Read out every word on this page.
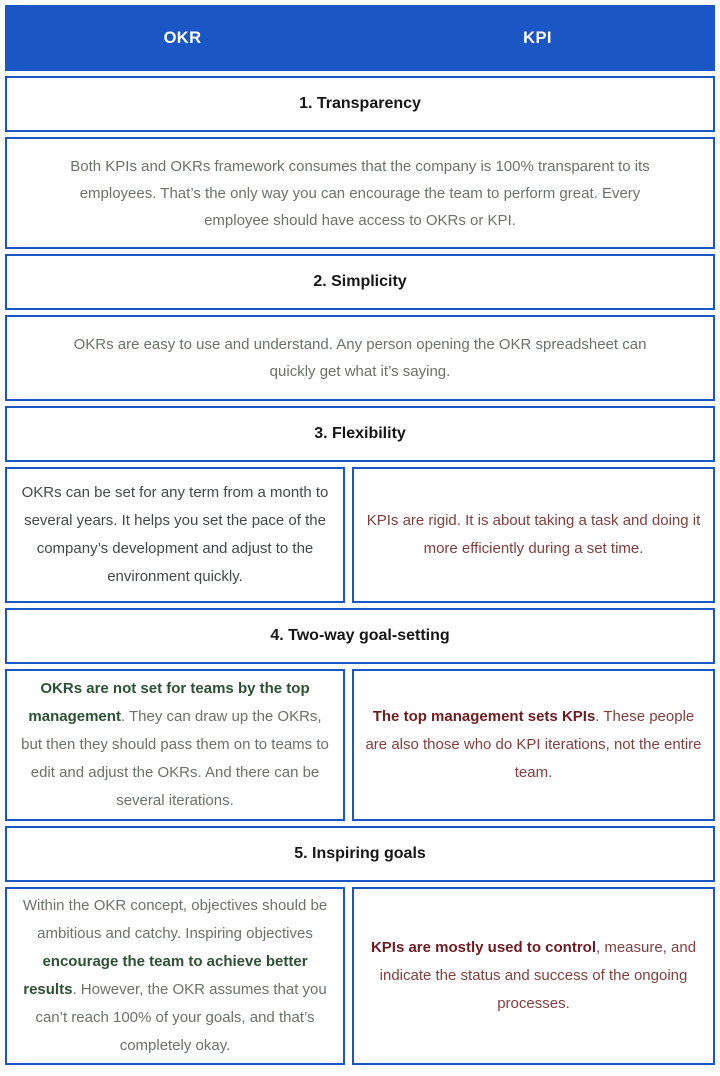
OKR	KPI
1. Transparency

Both KPIs and OKRs framework consumes that the company is 100% transparent to its employees. That’s the only way you can encourage the team to perform great. Every employee should have access to OKRs or KPI.

2. Simplicity

OKRs are easy to use and understand. Any person opening the OKR spreadsheet can quickly get what it’s saying.

3. Flexibility

OKRs can be set for any term from a month to several years. It helps you set the pace of the company’s development and adjust to the environment quickly.

KPIs are rigid. It is about taking a task and doing it more efficiently during a set time.

4. Two-way goal-setting

OKRs are not set for teams by the top management. They can draw up the OKRs, but then they should pass them on to teams to edit and adjust the OKRs. And there can be several iterations.

The top management sets KPIs. These people are also those who do KPI iterations, not the entire team.

5. Inspiring goals

Within the OKR concept, objectives should be ambitious and catchy. Inspiring objectives encourage the team to achieve better results. However, the OKR assumes that you can’t reach 100% of your goals, and that’s completely okay.

KPIs are mostly used to control, measure, and indicate the status and success of the ongoing processes.
